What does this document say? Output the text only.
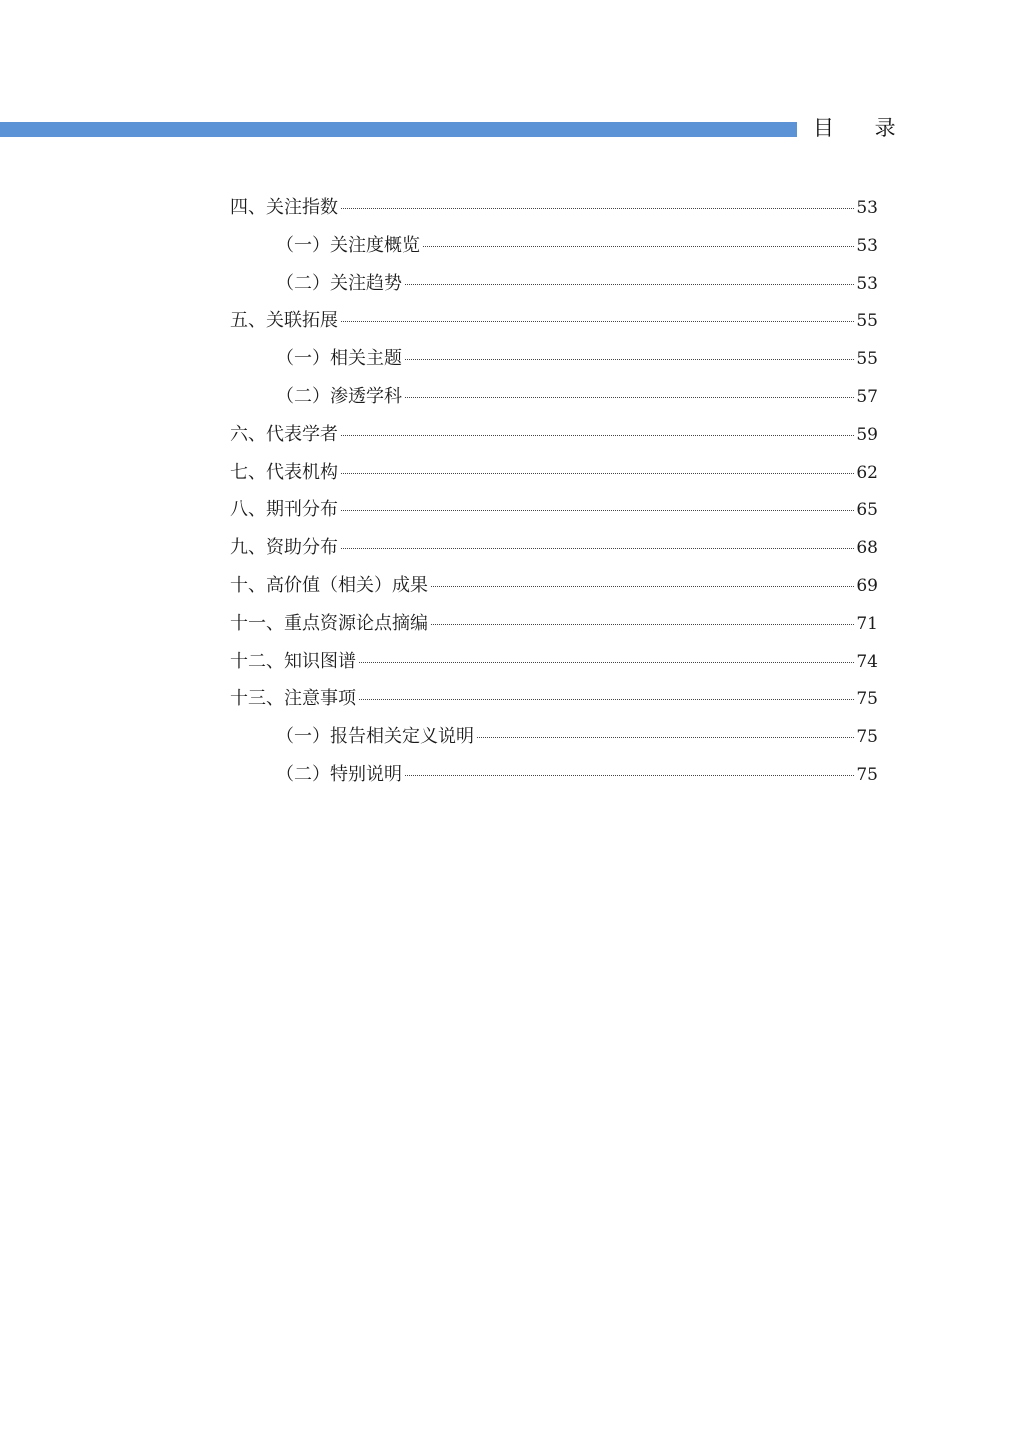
目 录
四、关注指数	53
（一）关注度概览	53
（二）关注趋势	53
五、关联拓展	55
（一）相关主题	55
（二）渗透学科	57
六、代表学者	59
七、代表机构	62
八、期刊分布	65
九、资助分布	68
十、高价值（相关）成果	69
十一、重点资源论点摘编	71
十二、知识图谱	74
十三、注意事项	75
（一）报告相关定义说明	75
（二）特别说明	75
